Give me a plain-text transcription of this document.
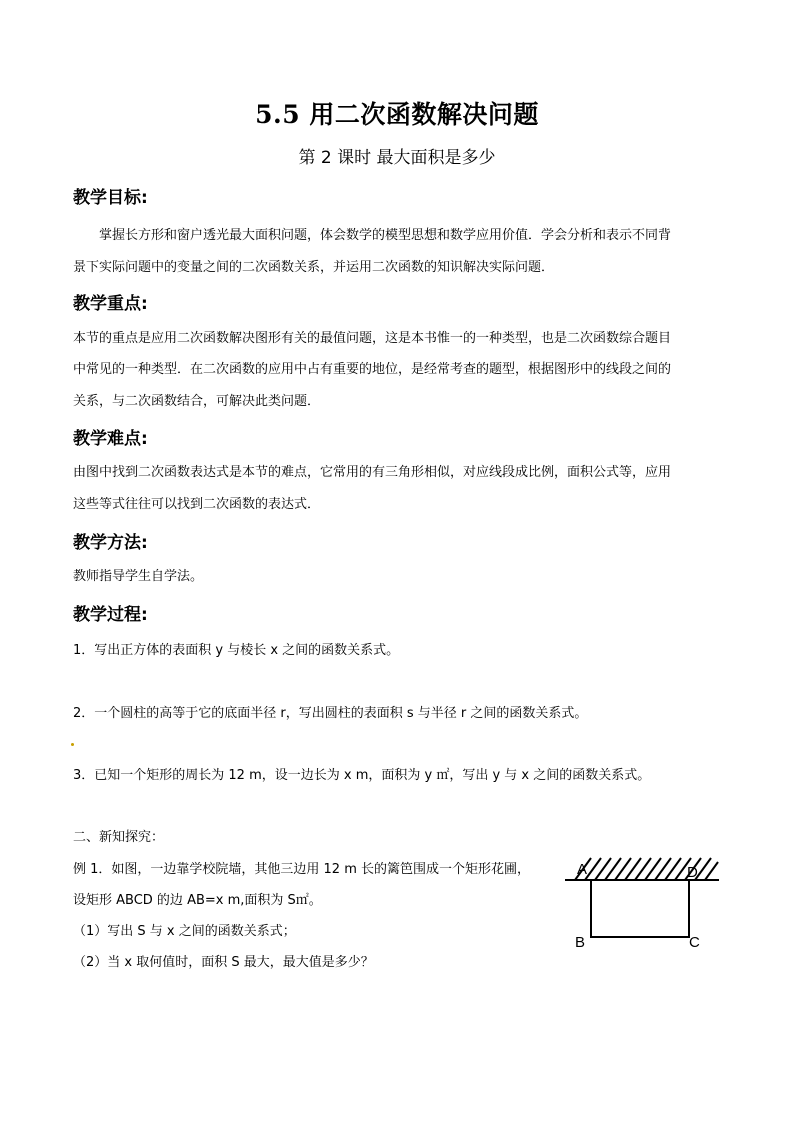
5.5 用二次函数解决问题
第 2 课时 最大面积是多少
教学目标:
掌握长方形和窗户透光最大面积问题，体会数学的模型思想和数学应用价值．学会分析和表示不同背
景下实际问题中的变量之间的二次函数关系，并运用二次函数的知识解决实际问题．
教学重点:
本节的重点是应用二次函数解决图形有关的最值问题，这是本书惟一的一种类型，也是二次函数综合题目
中常见的一种类型．在二次函数的应用中占有重要的地位，是经常考查的题型，根据图形中的线段之间的
关系，与二次函数结合，可解决此类问题．
教学难点:
由图中找到二次函数表达式是本节的难点，它常用的有三角形相似，对应线段成比例，面积公式等，应用
这些等式往往可以找到二次函数的表达式．
教学方法:
教师指导学生自学法。
教学过程:
1．写出正方体的表面积 y 与棱长 x 之间的函数关系式。
2．一个圆柱的高等于它的底面半径 r，写出圆柱的表面积 s 与半径 r 之间的函数关系式。
3．已知一个矩形的周长为 12 m，设一边长为 x m，面积为 y ㎡，写出 y 与 x 之间的函数关系式。
二、新知探究：
例 1．如图，一边靠学校院墙，其他三边用 12 m 长的篱笆围成一个矩形花圃，
设矩形 ABCD 的边 AB=x m,面积为 S㎡。
（1）写出 S 与 x 之间的函数关系式；
（2）当 x 取何值时，面积 S 最大，最大值是多少？
A	D
B	C
